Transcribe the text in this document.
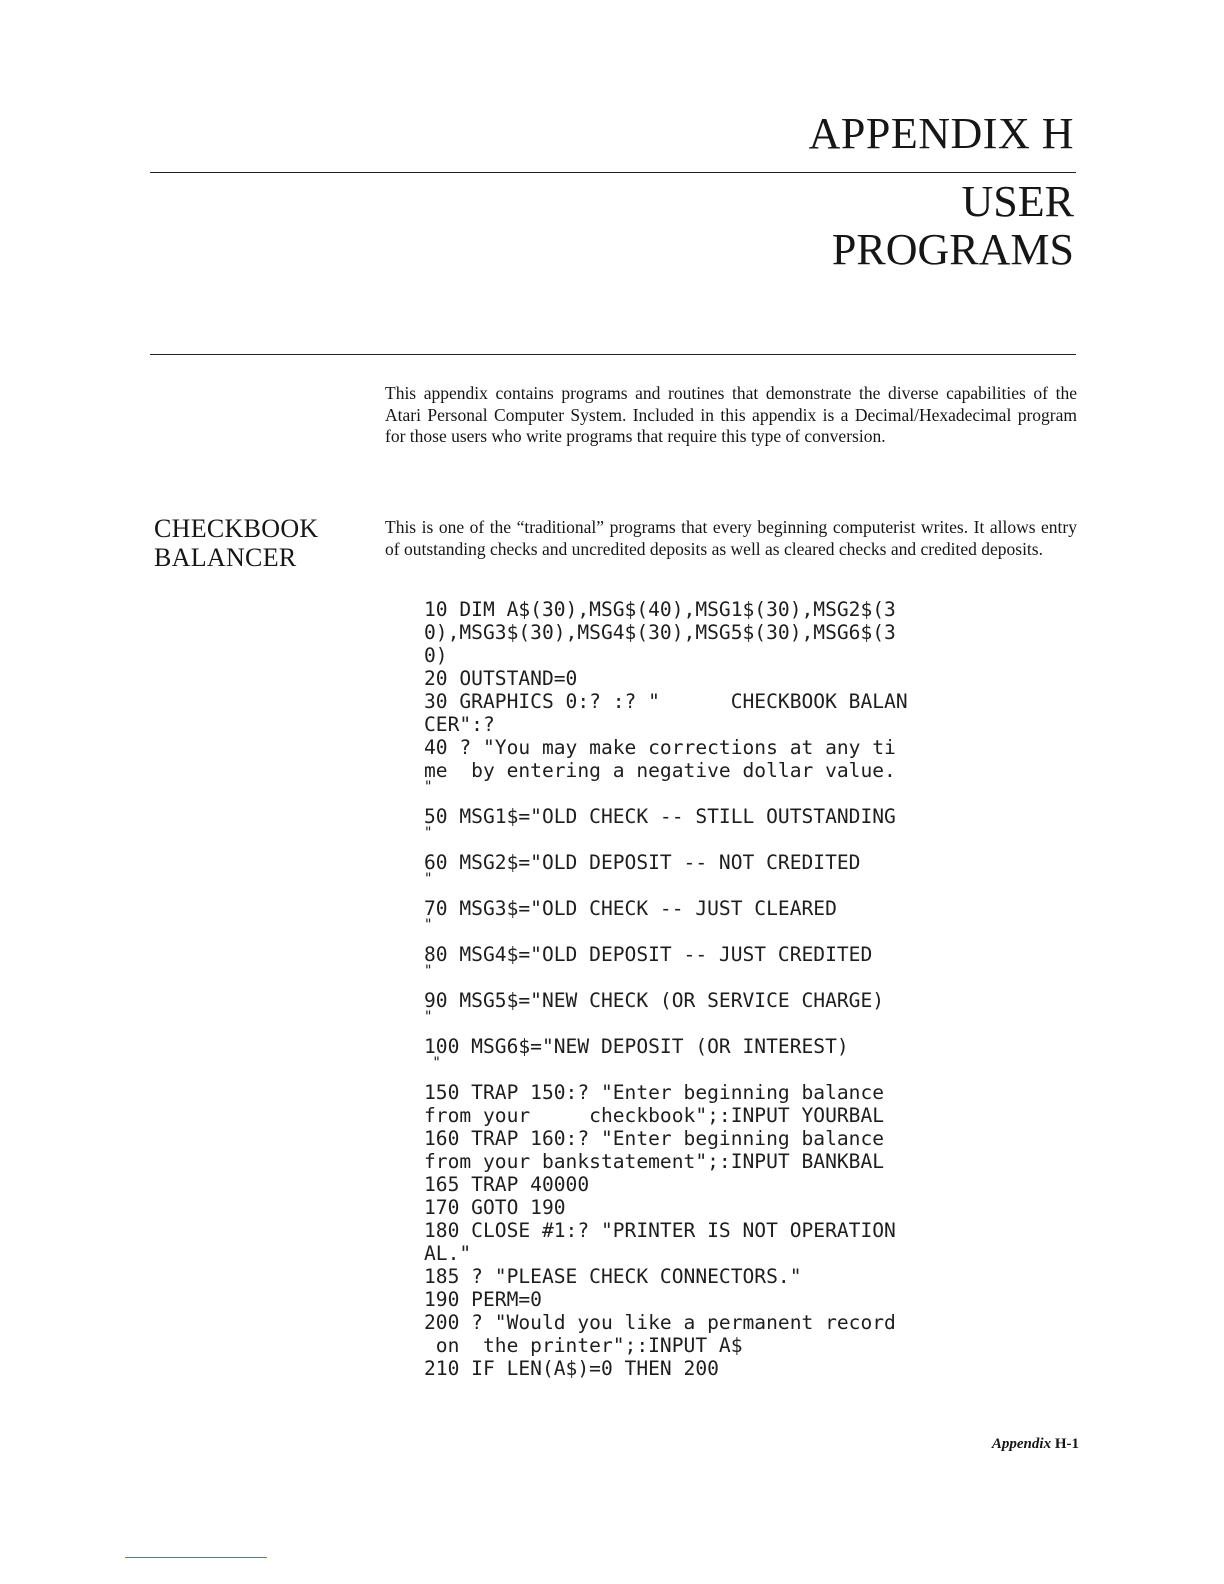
APPENDIX H
USER
PROGRAMS

This appendix contains programs and routines that demonstrate the diverse capabilities of the Atari Personal Computer System. Included in this appendix is a Decimal/Hexadecimal program for those users who write programs that require this type of conversion.

CHECKBOOK
BALANCER

This is one of the “traditional” programs that every beginning computerist writes. It allows entry of outstanding checks and uncredited deposits as well as cleared checks and credited deposits.

10 DIM A$(30),MSG$(40),MSG1$(30),MSG2$(3
0),MSG3$(30),MSG4$(30),MSG5$(30),MSG6$(3
0)
20 OUTSTAND=0
30 GRAPHICS 0:? :? "      CHECKBOOK BALAN
CER":?
40 ? "You may make corrections at any ti
me  by entering a negative dollar value.
"
50 MSG1$="OLD CHECK -- STILL OUTSTANDING
"
60 MSG2$="OLD DEPOSIT -- NOT CREDITED
"
70 MSG3$="OLD CHECK -- JUST CLEARED
"
80 MSG4$="OLD DEPOSIT -- JUST CREDITED
"
90 MSG5$="NEW CHECK (OR SERVICE CHARGE)
"
100 MSG6$="NEW DEPOSIT (OR INTEREST)
"
150 TRAP 150:? "Enter beginning balance
from your     checkbook";:INPUT YOURBAL
160 TRAP 160:? "Enter beginning balance
from your bankstatement";:INPUT BANKBAL
165 TRAP 40000
170 GOTO 190
180 CLOSE #1:? "PRINTER IS NOT OPERATION
AL."
185 ? "PLEASE CHECK CONNECTORS."
190 PERM=0
200 ? "Would you like a permanent record
on  the printer";:INPUT A$
210 IF LEN(A$)=0 THEN 200
Appendix H-1
